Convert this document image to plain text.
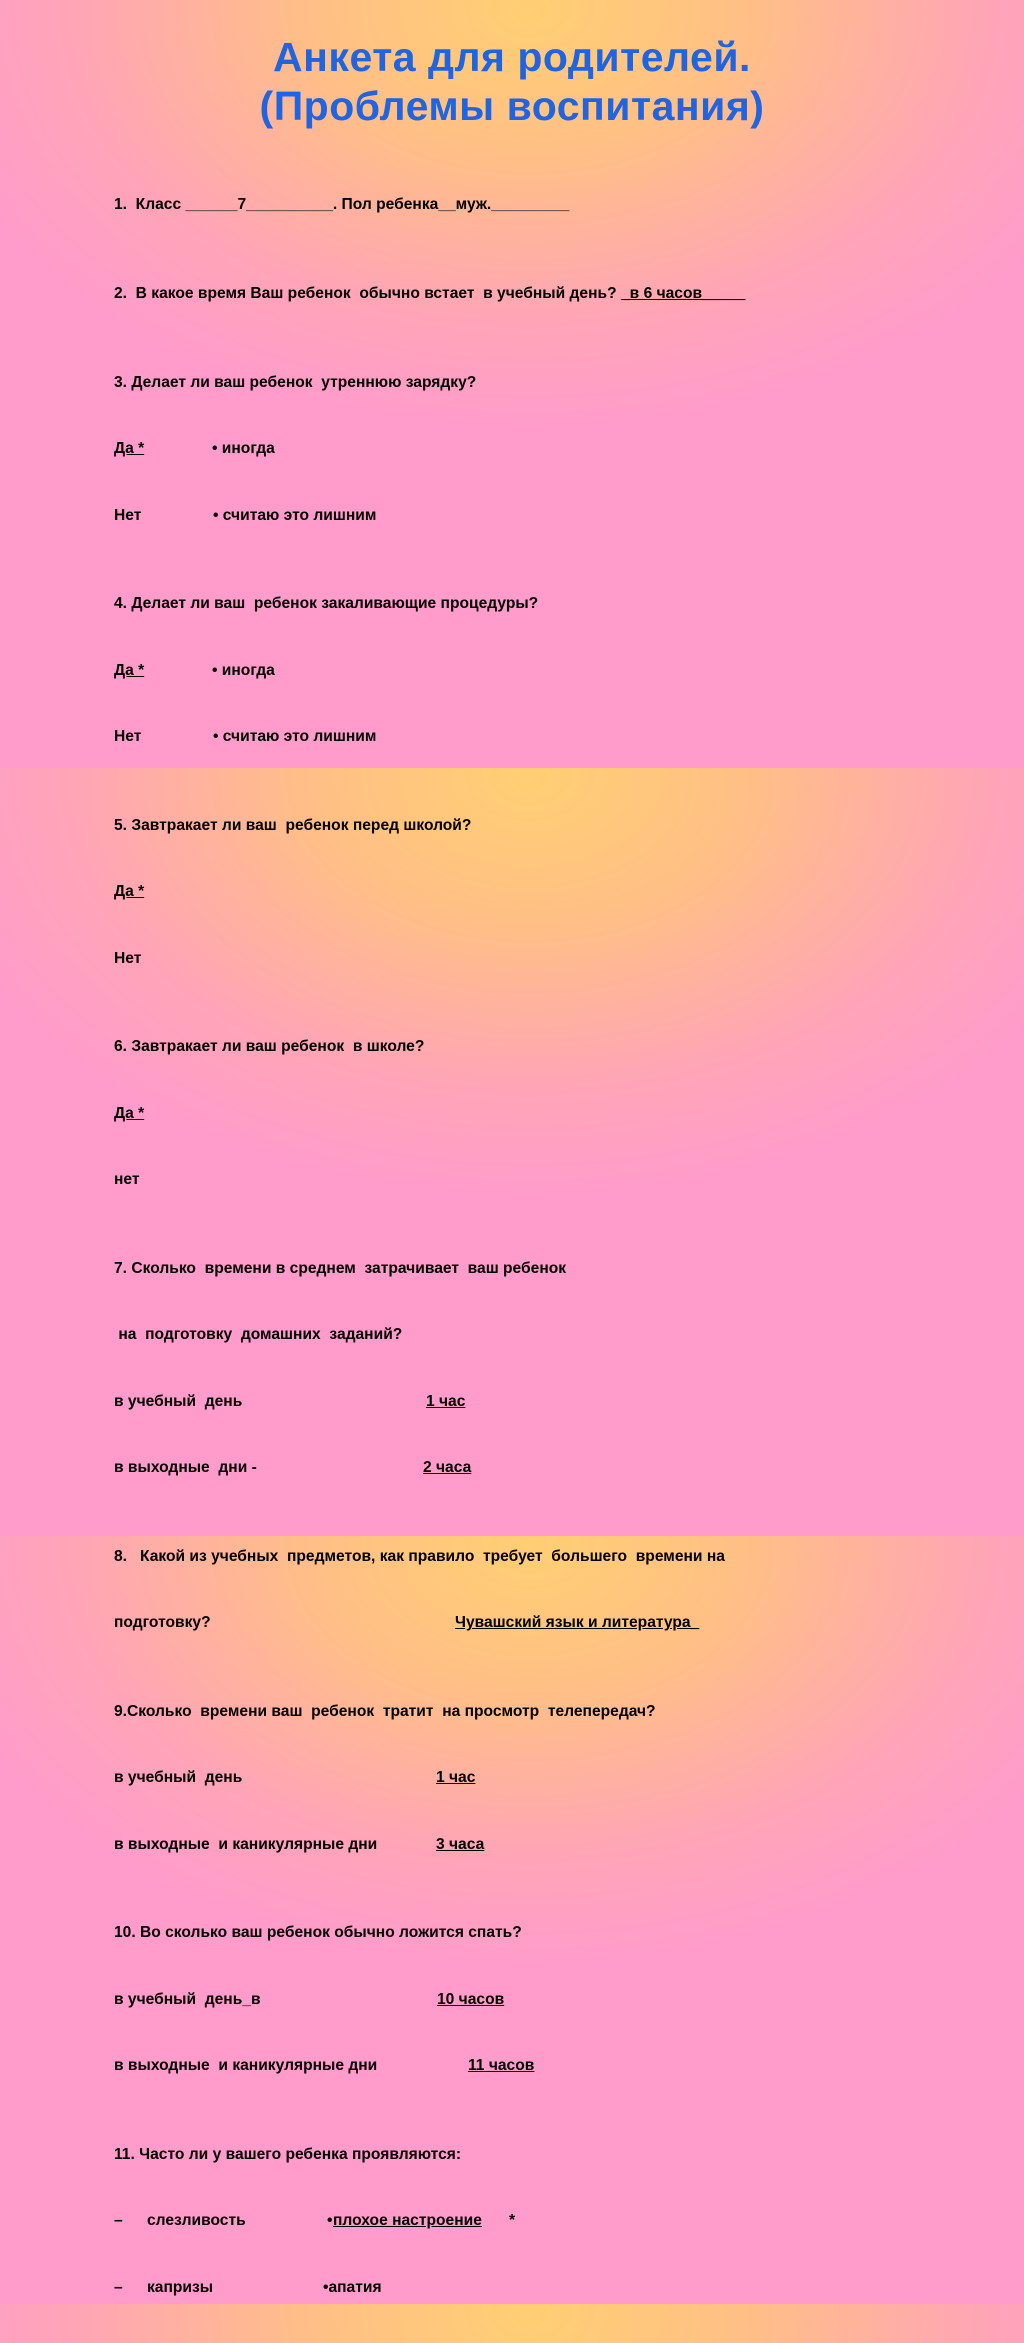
Анкета для родителей.
(Проблемы воспитания)

1.  Класс ______7__________. Пол ребенка__муж._________

2.  В какое время Ваш ребенок  обычно встает  в учебный день? _в 6 часов_____

3. Делает ли ваш ребенок  утреннюю зарядку?

Да *	• иногда

Нет	• считаю это лишним

4. Делает ли ваш  ребенок закаливающие процедуры?

Да *	• иногда

Нет	• считаю это лишним

5. Завтракает ли ваш  ребенок перед школой?

Да *

Нет

6. Завтракает ли ваш ребенок  в школе?

Да *

нет

7. Сколько  времени в среднем  затрачивает  ваш ребенок

на  подготовку  домашних  заданий?

в учебный  день	1 час

в выходные  дни -	2 часа

8.   Какой из учебных  предметов, как правило  требует  большего  времени на

подготовку?	Чувашский язык и литература_

9.Сколько  времени ваш  ребенок  тратит  на просмотр  телепередач?

в учебный  день	1 час

в выходные  и каникулярные дни	3 часа

10. Во сколько ваш ребенок обычно ложится спать?

в учебный  день_в	10 часов

в выходные  и каникулярные дни	11 часов

11. Часто ли у вашего ребенка проявляются:

– слезливость	• плохое настроение *

– капризы	•апатия
